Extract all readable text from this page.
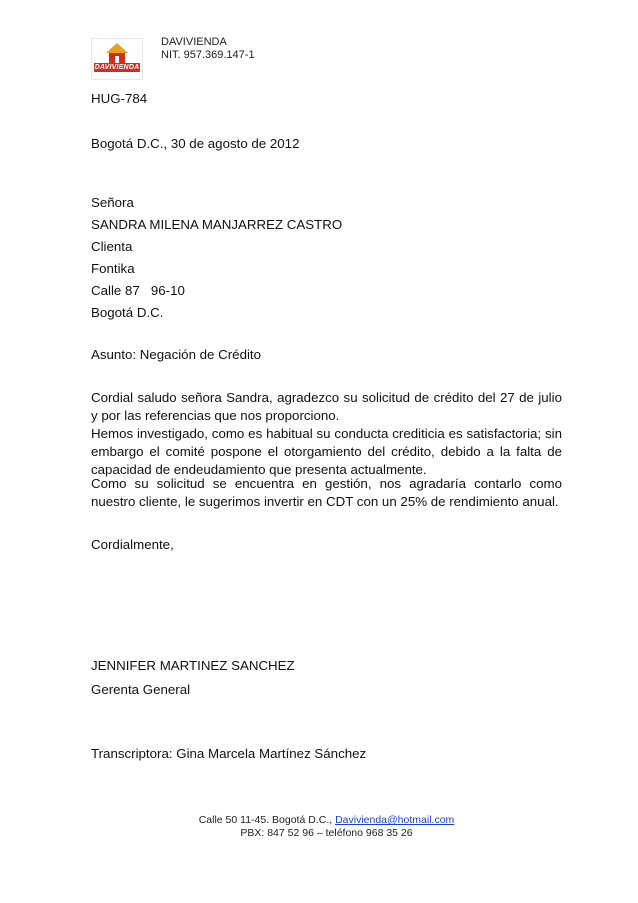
DAVIVIENDA
DAVIVIENDA
NIT. 957.369.147-1
HUG-784
Bogotá D.C., 30 de agosto de 2012
Señora
SANDRA MILENA MANJARREZ CASTRO
Clienta
Fontika
Calle 87   96-10
Bogotá D.C.
Asunto: Negación de Crédito
Cordial saludo señora Sandra, agradezco su solicitud de crédito del 27 de julio y por las referencias que nos proporciono.
Hemos investigado, como es habitual su conducta crediticia es satisfactoria; sin embargo el comité pospone el otorgamiento del crédito, debido a la falta de capacidad de endeudamiento que presenta actualmente.
Como su solicitud se encuentra en gestión, nos agradaría contarlo como nuestro cliente, le sugerimos invertir en CDT con un 25% de rendimiento anual.
Cordialmente,
JENNIFER MARTINEZ SANCHEZ
Gerenta General
Transcriptora: Gina Marcela Martínez Sánchez
Calle 50 11-45. Bogotá D.C., Davivienda@hotmail.com
PBX: 847 52 96 – teléfono 968 35 26
